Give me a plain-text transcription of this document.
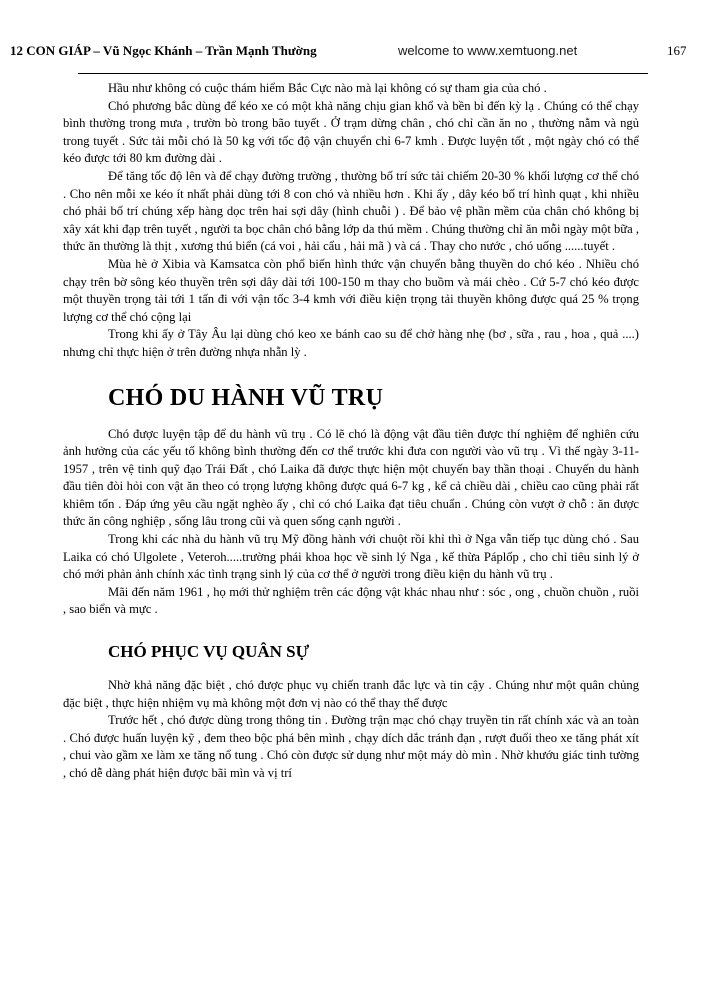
12 CON GIÁP – Vũ Ngọc Khánh – Trần Mạnh Thường	welcome to www.xemtuong.net	167

Hầu như không có cuộc thám hiểm Bắc Cực nào mà lại không có sự tham gia của chó .

Chó phương bắc dùng để kéo xe có một khả năng chịu gian khổ và bền bỉ đến kỳ lạ . Chúng có thể chạy bình thường trong mưa , trườn bò trong bão tuyết . Ở trạm dừng chân , chó chỉ cần ăn no , thường nằm và ngủ trong tuyết . Sức tải mỗi chó là 50 kg với tốc độ vận chuyển chỉ 6-7 kmh . Được luyện tốt , một ngày chó có thể kéo được tới 80 km đường dài .

Để tăng tốc độ lên và để chạy đường trường , thường bố trí sức tải chiếm 20-30 % khối lượng cơ thể chó . Cho nên mỗi xe kéo ít nhất phải dùng tới 8 con chó và nhiều hơn . Khi ấy , dây kéo bố trí hình quạt , khi nhiều chó phải bố trí chúng xếp hàng dọc trên hai sợi dây (hình chuỗi ) . Để bảo vệ phần mềm của chân chó không bị xây xát khi đạp trên tuyết , người ta bọc chân chó bằng lớp da thú mềm . Chúng thường chỉ ăn mỗi ngày một bữa , thức ăn thường là thịt , xương thú biển (cá voi , hải cẩu , hải mã ) và cá . Thay cho nước , chó uống ......tuyết .

Mùa hè ở Xibia và Kamsatca còn phổ biến hình thức vận chuyển bằng thuyền do chó kéo . Nhiều chó chạy trên bờ sông kéo thuyền trên sợi dây dài tới 100-150 m thay cho buồm và mái chèo . Cứ 5-7 chó kéo được một thuyền trọng tải tới 1 tấn đi với vận tốc 3-4 kmh với điều kiện trọng tải thuyền không được quá 25 % trọng lượng cơ thể chó cộng lại

Trong khi ấy ở Tây Âu lại dùng chó keo xe bánh cao su để chở hàng nhẹ (bơ , sữa , rau , hoa , quả ....) nhưng chỉ thực hiện ở trên đường nhựa nhẵn lỳ .

CHÓ DU HÀNH VŨ TRỤ

Chó được luyện tập để du hành vũ trụ . Có lẽ chó là động vật đầu tiên được thí nghiệm để nghiên cứu ảnh hưởng của các yếu tố không bình thường đến cơ thể trước khi đưa con người vào vũ trụ . Vì thế ngày 3-11-1957 , trên vệ tinh quỹ đạo Trái Đất , chó Laika đã được thực hiện một chuyến bay thần thoại . Chuyến du hành đầu tiên đòi hỏi con vật ăn theo có trọng lượng không được quá 6-7 kg , kể cả chiều dài , chiều cao cũng phải rất khiêm tốn . Đáp ứng yêu cầu ngặt nghèo ấy , chỉ có chó Laika đạt tiêu chuẩn . Chúng còn vượt ở chỗ : ăn được thức ăn công nghiệp , sống lâu trong cũi và quen sống cạnh người .

Trong khi các nhà du hành vũ trụ Mỹ đồng hành với chuột rồi khỉ thì ở Nga vẫn tiếp tục dùng chó . Sau Laika có chó Ulgolete , Veteroh.....trường phái khoa học về sinh lý Nga , kế thừa Páplốp , cho chỉ tiêu sinh lý ở chó mới phản ảnh chính xác tình trạng sinh lý của cơ thể ở người trong điều kiện du hành vũ trụ .

Mãi đến năm 1961 , họ mới thử nghiệm trên các động vật khác nhau như : sóc , ong , chuồn chuồn , ruồi , sao biển và mực .

CHÓ PHỤC VỤ QUÂN SỰ

Nhờ khả năng đặc biệt , chó được phục vụ chiến tranh đắc lực và tin cậy . Chúng như một quân chủng đặc biệt , thực hiện nhiệm vụ mà không một đơn vị nào có thể thay thế được

Trước hết , chó được dùng trong thông tin . Đường trận mạc chó chạy truyền tin rất chính xác và an toàn . Chó được huấn luyện kỹ , đem theo bộc phá bên mình , chạy dích dắc tránh đạn , rượt đuổi theo xe tăng phát xít , chui vào gầm xe làm xe tăng nổ tung . Chó còn được sử dụng như một máy dò mìn . Nhờ khướu giác tinh tường , chó dễ dàng phát hiện được bãi mìn và vị trí
